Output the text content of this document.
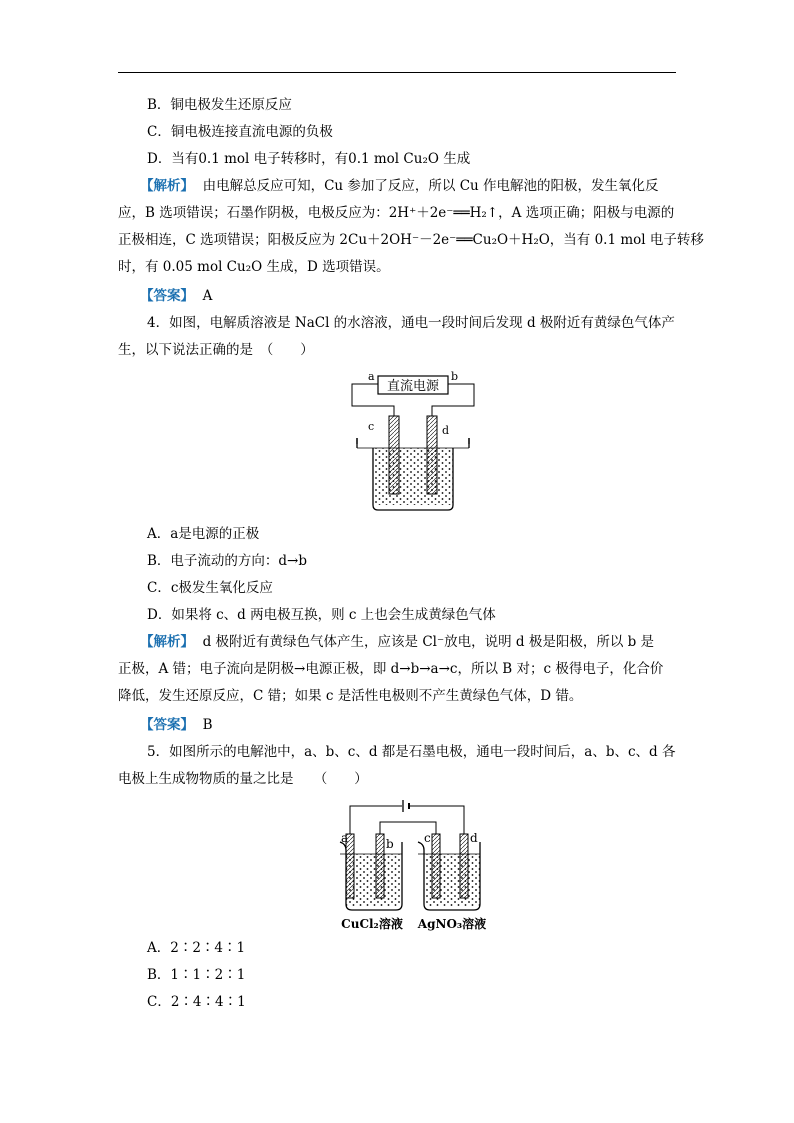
B．铜电极发生还原反应
C．铜电极连接直流电源的负极
D．当有0.1 mol 电子转移时，有0.1 mol Cu₂O 生成
【解析】 由电解总反应可知，Cu 参加了反应，所以 Cu 作电解池的阳极，发生氧化反
应，B 选项错误；石墨作阴极，电极反应为：2H⁺＋2e⁻══H₂↑，A 选项正确；阳极与电源的
正极相连，C 选项错误；阳极反应为 2Cu＋2OH⁻－2e⁻══Cu₂O＋H₂O，当有 0.1 mol 电子转移
时，有 0.05 mol Cu₂O 生成，D 选项错误。
【答案】 A
4．如图，电解质溶液是 NaCl 的水溶液，通电一段时间后发现 d 极附近有黄绿色气体产
生，以下说法正确的是　（　　）
直流电源
a	b
c	d
A．a是电源的正极
B．电子流动的方向：d→b
C．c极发生氧化反应
D．如果将 c、d 两电极互换，则 c 上也会生成黄绿色气体
【解析】 d 极附近有黄绿色气体产生，应该是 Cl⁻放电，说明 d 极是阳极，所以 b 是
正极，A 错；电子流向是阴极→电源正极，即 d→b→a→c，所以 B 对；c 极得电子，化合价
降低，发生还原反应，C 错；如果 c 是活性电极则不产生黄绿色气体，D 错。
【答案】 B
5．如图所示的电解池中，a、b、c、d 都是石墨电极，通电一段时间后，a、b、c、d 各
电极上生成物物质的量之比是　　（　　）
a	b	c	d
CuCl₂溶液 AgNO₃溶液
A．2∶2∶4∶1
B．1∶1∶2∶1
C．2∶4∶4∶1
